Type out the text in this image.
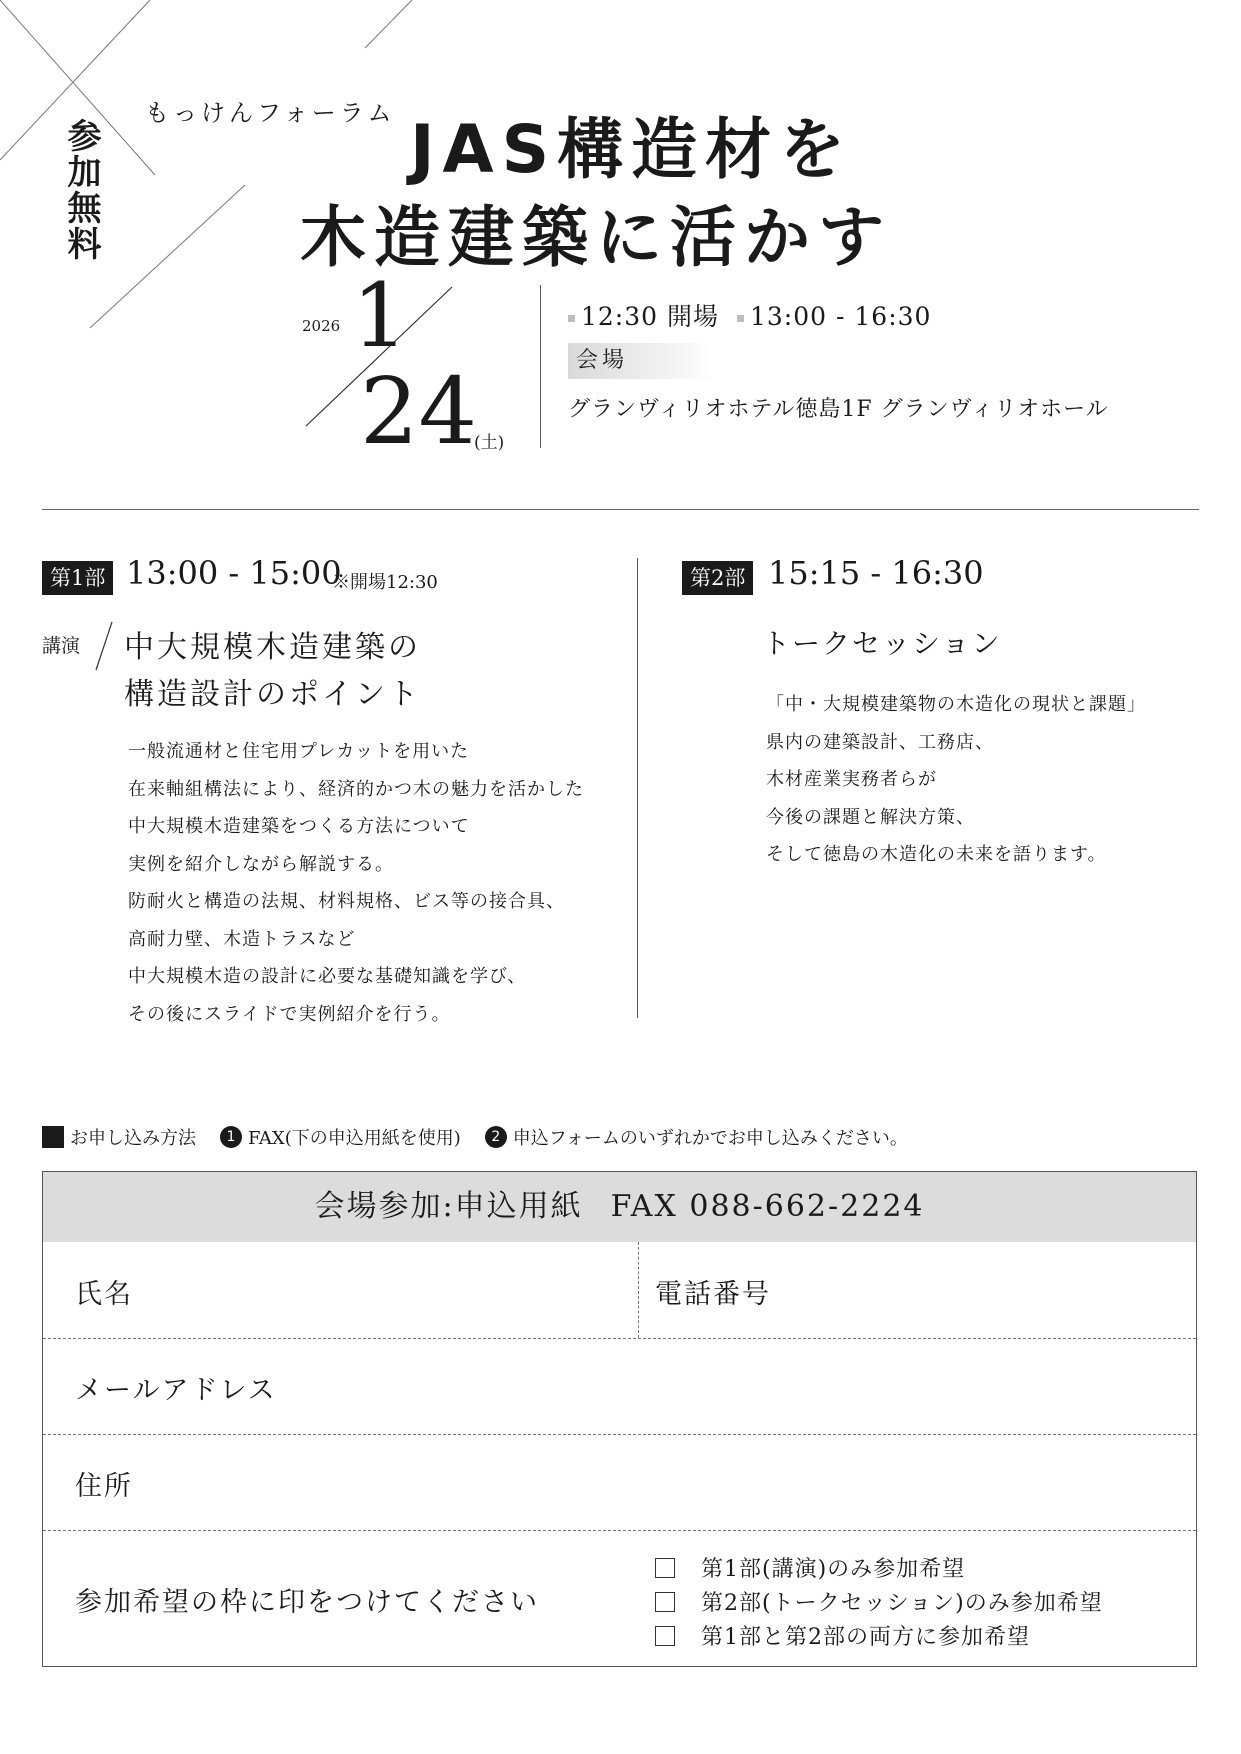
参加無料
もっけんフォーラム JAS構造材を
木造建築に活かす
2026 1
24
(土)
12:30 開場 13:00 - 16:30
会場
グランヴィリオホテル徳島1F グランヴィリオホール
第1部 13:00 - 15:00
※開場12:30
講演 中大規模木造建築の
構造設計のポイント
一般流通材と住宅用プレカットを用いた
在来軸組構法により、経済的かつ木の魅力を活かした
中大規模木造建築をつくる方法について
実例を紹介しながら解説する。
防耐火と構造の法規、材料規格、ビス等の接合具、
高耐力壁、木造トラスなど
中大規模木造の設計に必要な基礎知識を学び、
その後にスライドで実例紹介を行う。
第2部 15:15 - 16:30
トークセッション
「中・大規模建築物の木造化の現状と課題」
県内の建築設計、工務店、
木材産業実務者らが
今後の課題と解決方策、
そして徳島の木造化の未来を語ります。
お申し込み方法	1 FAX(下の申込用紙を使用)	2 申込フォームのいずれかでお申し込みください。
会場参加:申込用紙 FAX 088-662-2224
氏名	電話番号
メールアドレス
住所
参加希望の枠に印をつけてください
第1部(講演)のみ参加希望
第2部(トークセッション)のみ参加希望
第1部と第2部の両方に参加希望
